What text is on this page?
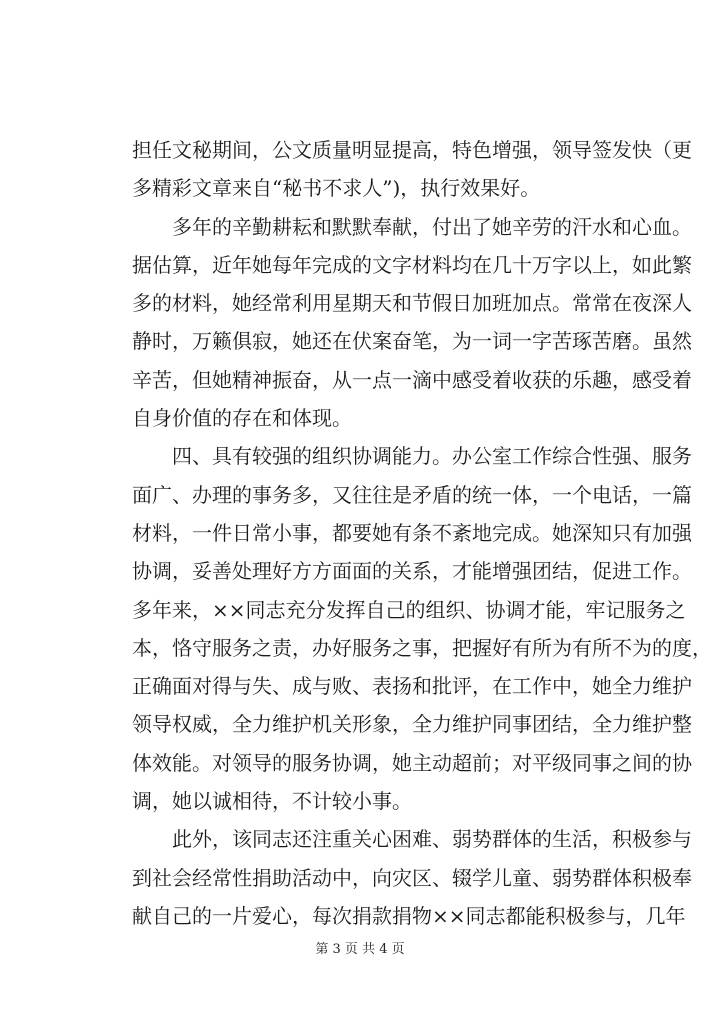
担任文秘期间，公文质量明显提高，特色增强，领导签发快（更
多精彩文章来自“秘书不求人”)，执行效果好。
多年的辛勤耕耘和默默奉献，付出了她辛劳的汗水和心血。
据估算，近年她每年完成的文字材料均在几十万字以上，如此繁
多的材料，她经常利用星期天和节假日加班加点。常常在夜深人
静时，万籁俱寂，她还在伏案奋笔，为一词一字苦琢苦磨。虽然
辛苦，但她精神振奋，从一点一滴中感受着收获的乐趣，感受着
自身价值的存在和体现。
四、具有较强的组织协调能力。办公室工作综合性强、服务
面广、办理的事务多，又往往是矛盾的统一体，一个电话，一篇
材料，一件日常小事，都要她有条不紊地完成。她深知只有加强
协调，妥善处理好方方面面的关系，才能增强团结，促进工作。
多年来，××同志充分发挥自己的组织、协调才能，牢记服务之
本，恪守服务之责，办好服务之事，把握好有所为有所不为的度，
正确面对得与失、成与败、表扬和批评，在工作中，她全力维护
领导权威，全力维护机关形象，全力维护同事团结，全力维护整
体效能。对领导的服务协调，她主动超前；对平级同事之间的协
调，她以诚相待，不计较小事。
此外，该同志还注重关心困难、弱势群体的生活，积极参与
到社会经常性捐助活动中，向灾区、辍学儿童、弱势群体积极奉
献自己的一片爱心，每次捐款捐物××同志都能积极参与，几年
第 3 页 共 4 页
